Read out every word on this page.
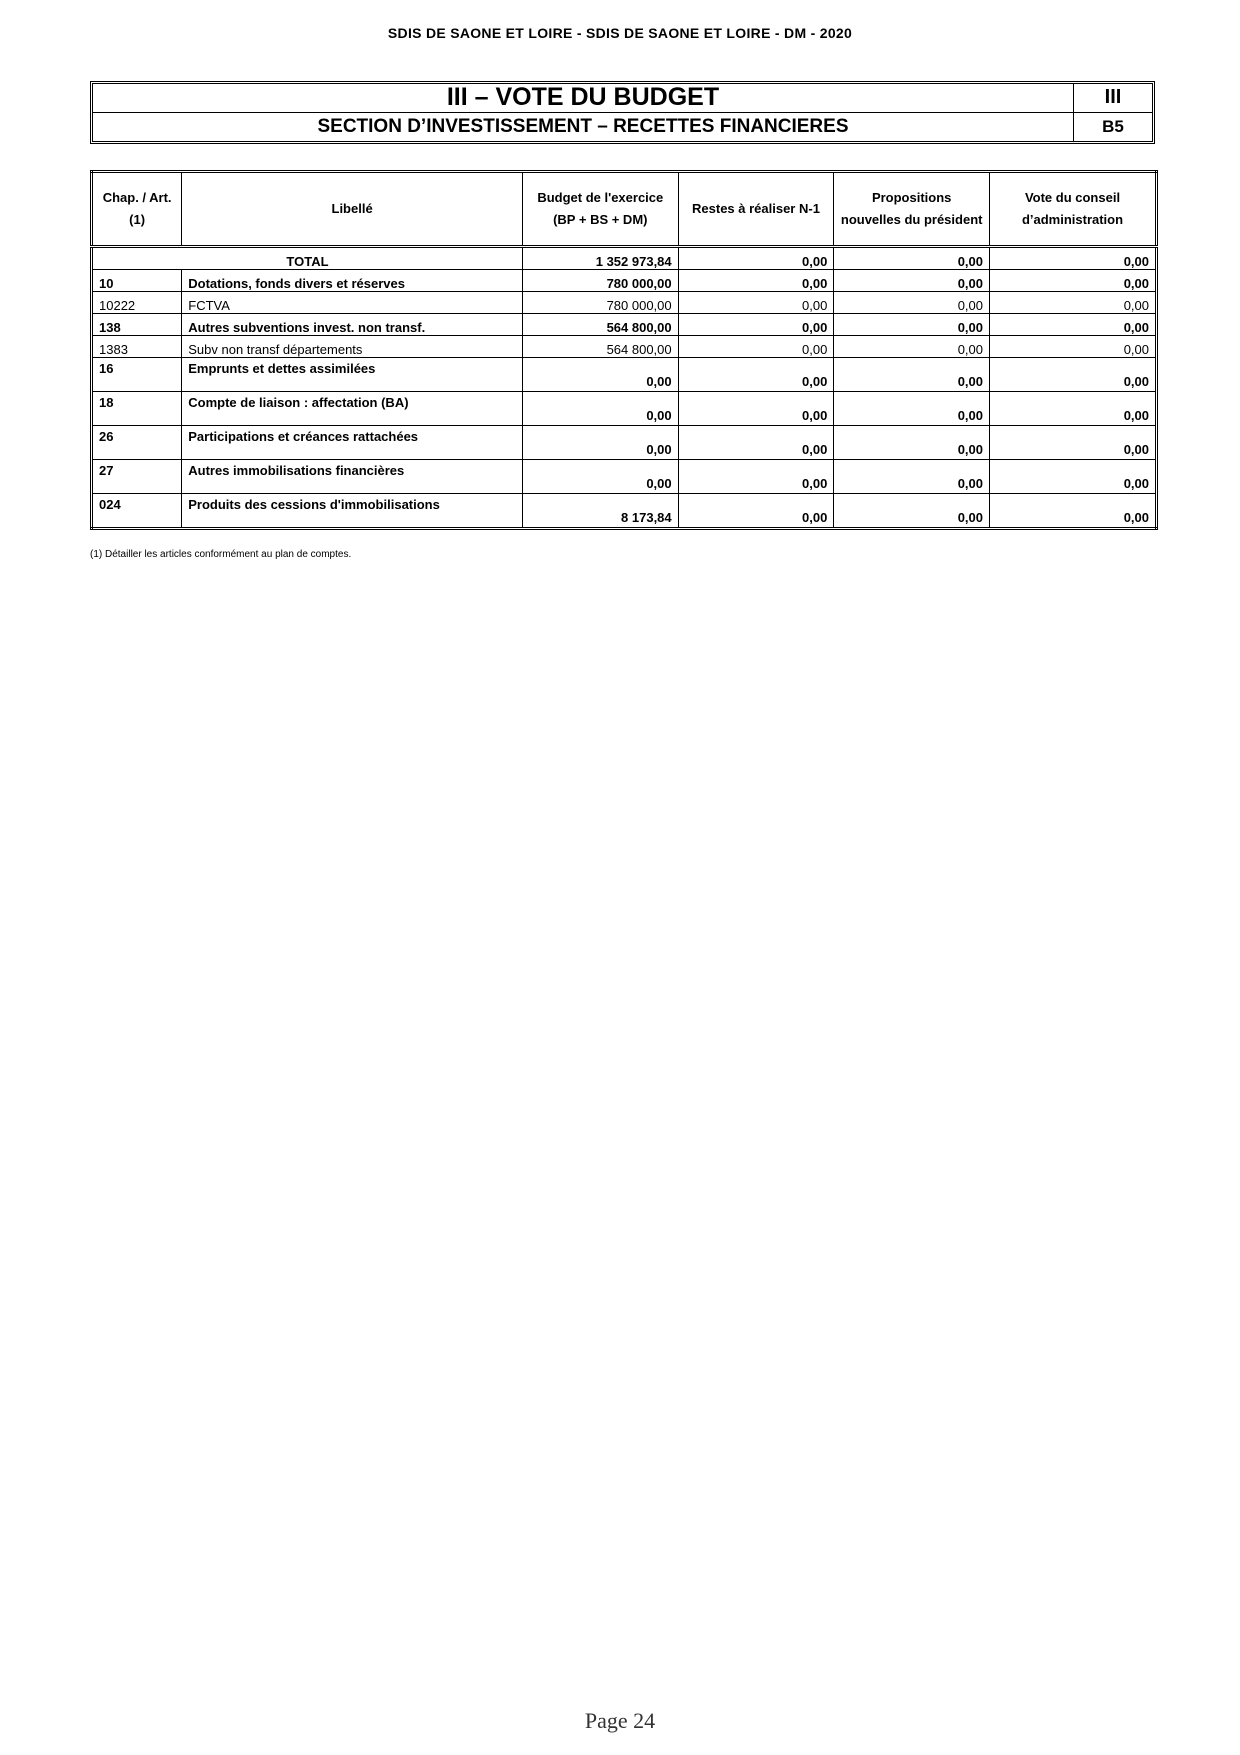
SDIS DE SAONE ET LOIRE - SDIS DE SAONE ET LOIRE - DM - 2020
III – VOTE DU BUDGET	III
SECTION D’INVESTISSEMENT – RECETTES FINANCIERES	B5
Chap. / Art. (1)	Libellé	Budget de l'exercice (BP + BS + DM)	Restes à réaliser N-1	Propositions nouvelles du président	Vote du conseil d’administration
TOTAL		1 352 973,84	0,00	0,00	0,00
10	Dotations, fonds divers et réserves	780 000,00	0,00	0,00	0,00
10222	FCTVA	780 000,00	0,00	0,00	0,00
138	Autres subventions invest. non transf.	564 800,00	0,00	0,00	0,00
1383	Subv non transf départements	564 800,00	0,00	0,00	0,00
16	Emprunts et dettes assimilées	0,00	0,00	0,00	0,00
18	Compte de liaison : affectation (BA)	0,00	0,00	0,00	0,00
26	Participations et créances rattachées	0,00	0,00	0,00	0,00
27	Autres immobilisations financières	0,00	0,00	0,00	0,00
024	Produits des cessions d'immobilisations	8 173,84	0,00	0,00	0,00
(1) Détailler les articles conformément au plan de comptes.
Page 24
